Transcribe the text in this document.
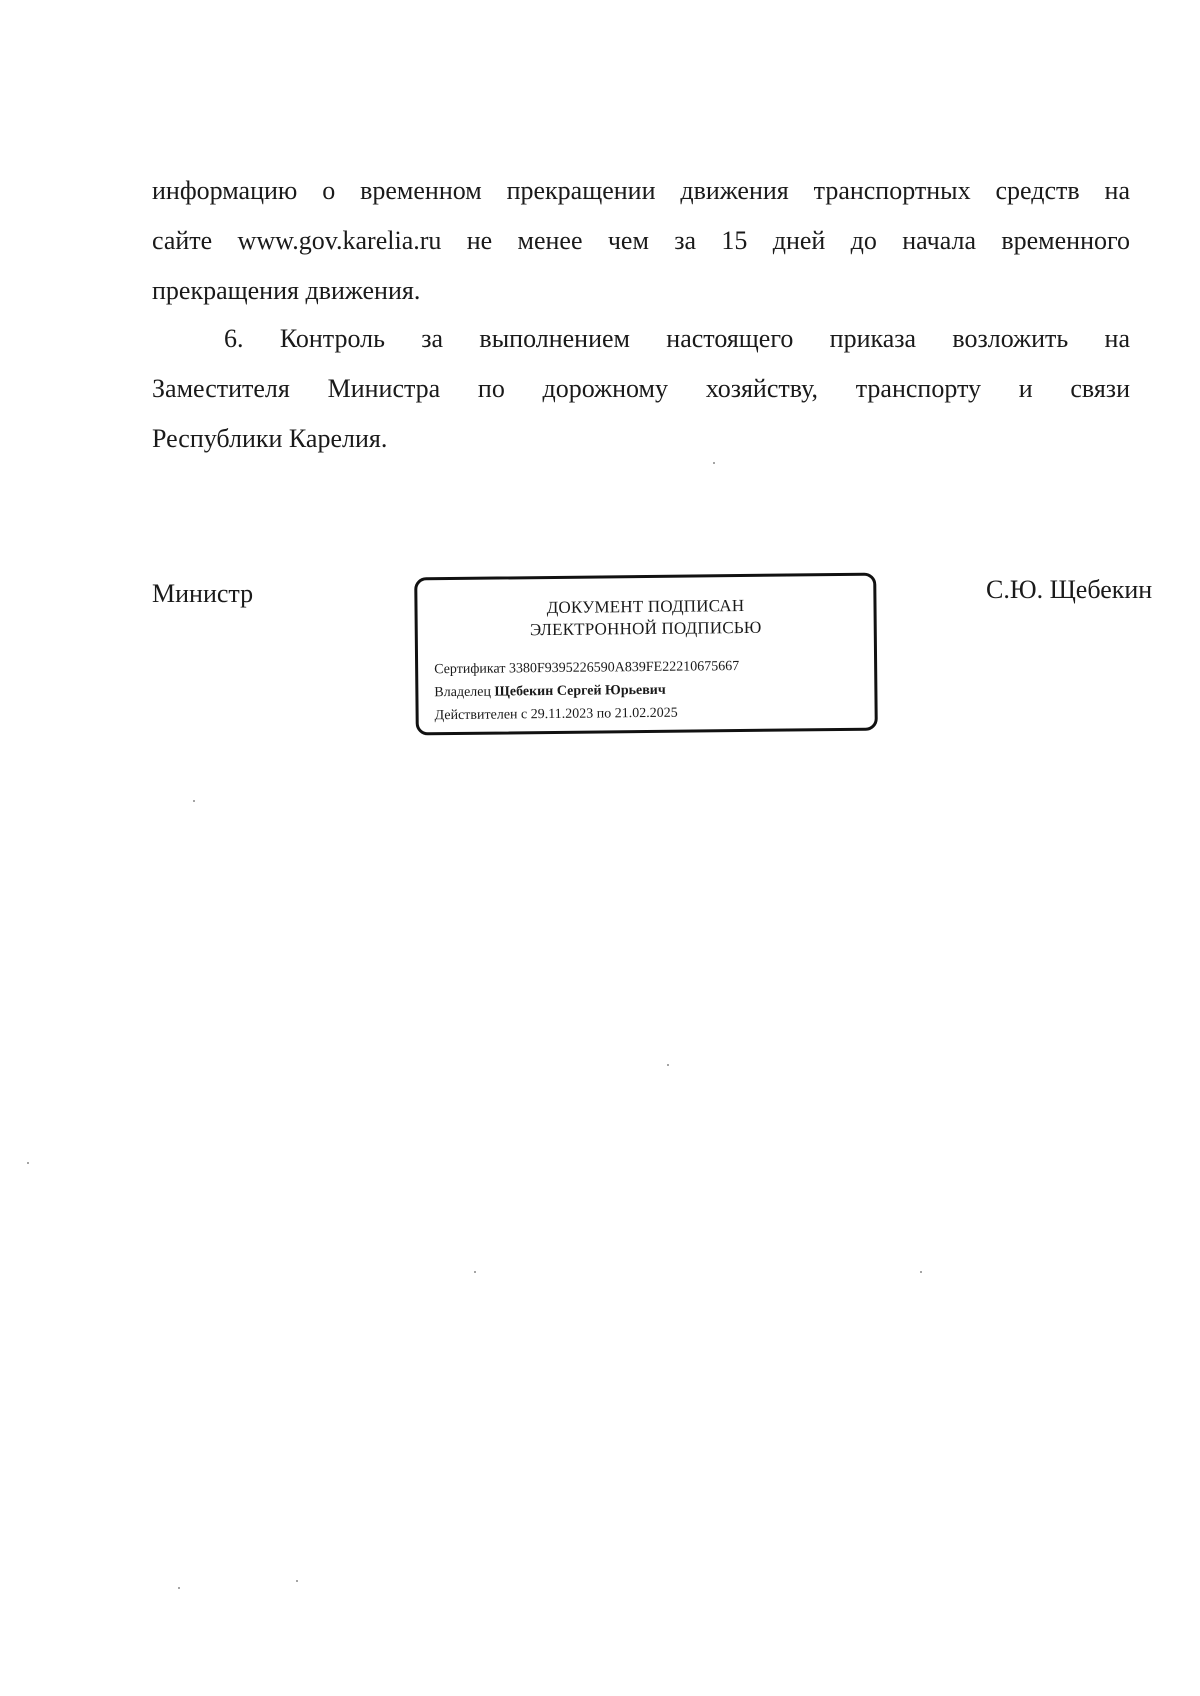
информацию о временном прекращении движения транспортных средств на

сайте www.gov.karelia.ru не менее чем за 15 дней до начала временного

прекращения движения.

6. Контроль за выполнением настоящего приказа возложить на

Заместителя Министра по дорожному хозяйству, транспорту и связи

Республики Карелия.

Министр	ДОКУМЕНТ ПОДПИСАН
ЭЛЕКТРОННОЙ ПОДПИСЬЮ
Сертификат 3380F9395226590A839FE22210675667
Владелец Щебекин Сергей Юрьевич
Действителен с 29.11.2023 по 21.02.2025
С.Ю. Щебекин
